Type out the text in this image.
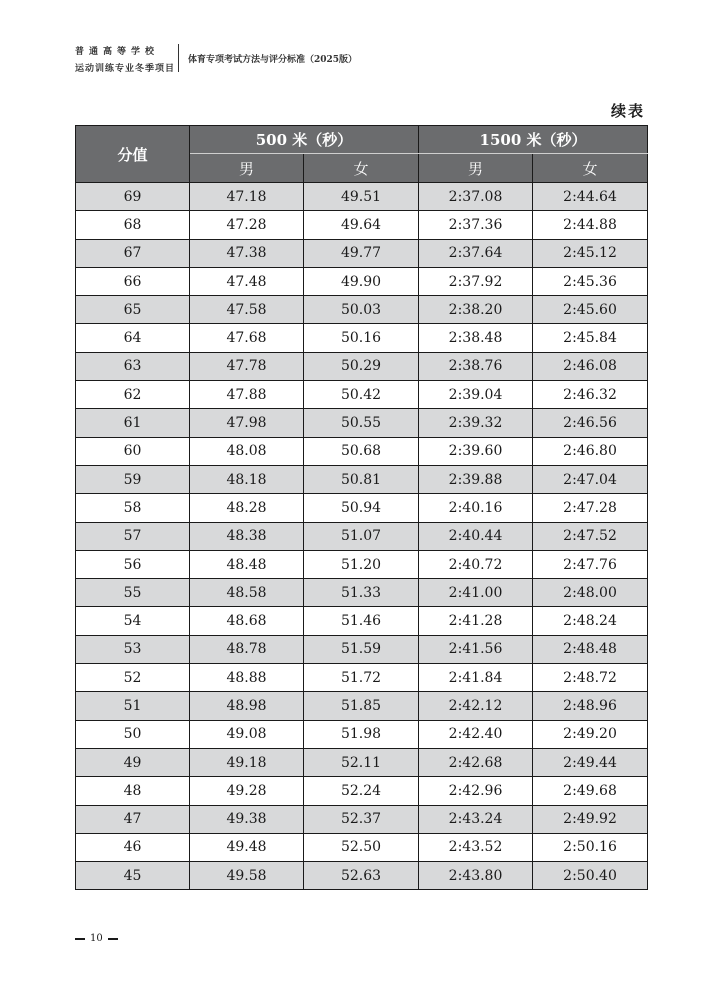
普通高等学校
运动训练专业冬季项目
体育专项考试方法与评分标准（2025版）
续表
分值	500 米（秒）		1500 米（秒）	
	男	女	男	女
69	47.18	49.51	2:37.08	2:44.64
68	47.28	49.64	2:37.36	2:44.88
67	47.38	49.77	2:37.64	2:45.12
66	47.48	49.90	2:37.92	2:45.36
65	47.58	50.03	2:38.20	2:45.60
64	47.68	50.16	2:38.48	2:45.84
63	47.78	50.29	2:38.76	2:46.08
62	47.88	50.42	2:39.04	2:46.32
61	47.98	50.55	2:39.32	2:46.56
60	48.08	50.68	2:39.60	2:46.80
59	48.18	50.81	2:39.88	2:47.04
58	48.28	50.94	2:40.16	2:47.28
57	48.38	51.07	2:40.44	2:47.52
56	48.48	51.20	2:40.72	2:47.76
55	48.58	51.33	2:41.00	2:48.00
54	48.68	51.46	2:41.28	2:48.24
53	48.78	51.59	2:41.56	2:48.48
52	48.88	51.72	2:41.84	2:48.72
51	48.98	51.85	2:42.12	2:48.96
50	49.08	51.98	2:42.40	2:49.20
49	49.18	52.11	2:42.68	2:49.44
48	49.28	52.24	2:42.96	2:49.68
47	49.38	52.37	2:43.24	2:49.92
46	49.48	52.50	2:43.52	2:50.16
45	49.58	52.63	2:43.80	2:50.40
10
